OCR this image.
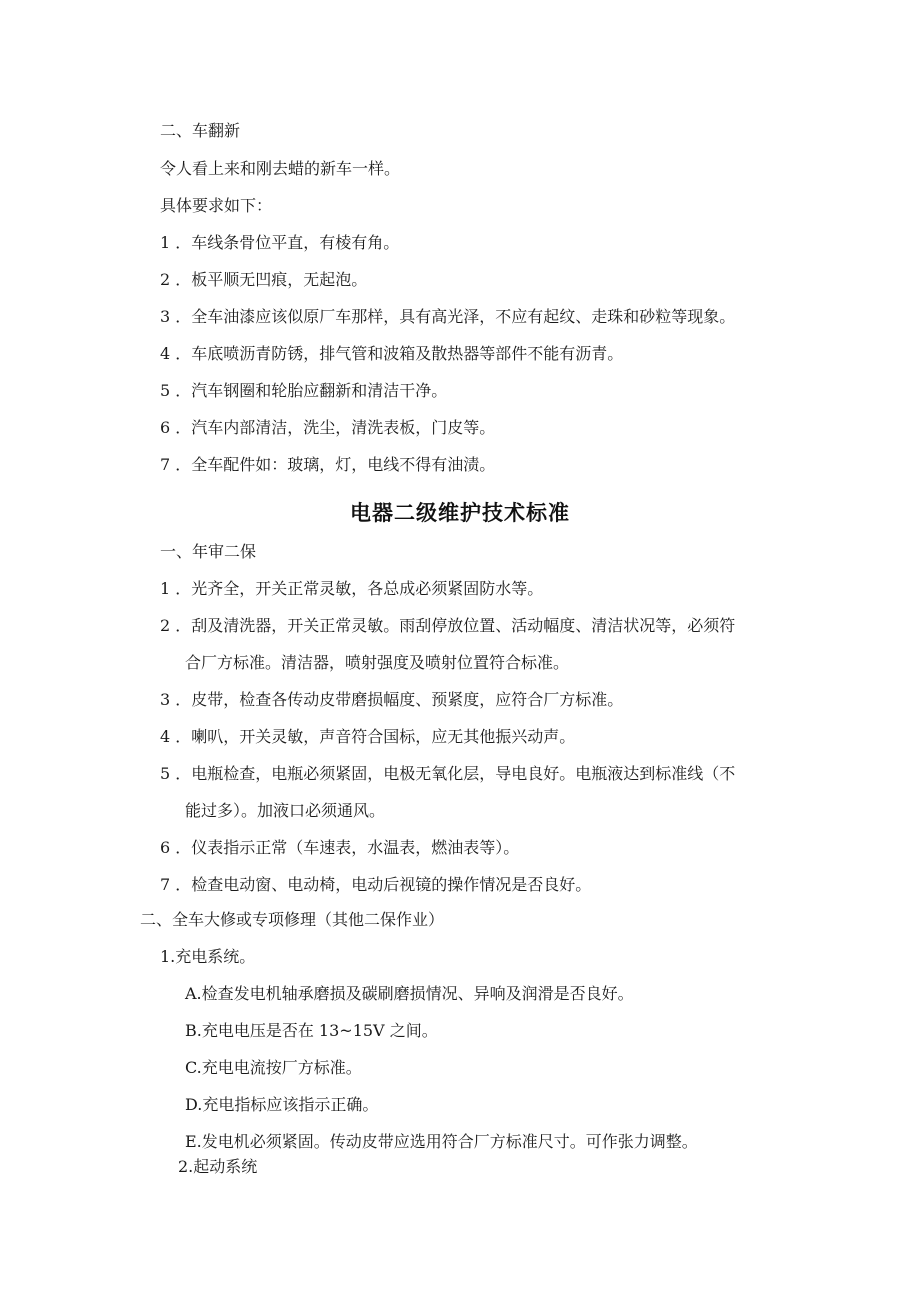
二、车翻新

令人看上来和刚去蜡的新车一样。

具体要求如下：

1 ．车线条骨位平直，有棱有角。

2 ．板平顺无凹痕，无起泡。

3 ．全车油漆应该似原厂车那样，具有高光泽，不应有起纹、走珠和砂粒等现象。

4 ．车底喷沥青防锈，排气管和波箱及散热器等部件不能有沥青。

5 ．汽车钢圈和轮胎应翻新和清洁干净。

6 ．汽车内部清洁，洗尘，清洗表板，门皮等。

7 ．全车配件如：玻璃，灯，电线不得有油渍。

电器二级维护技术标准

一、年审二保

1 ．光齐全，开关正常灵敏，各总成必须紧固防水等。

2 ．刮及清洗器，开关正常灵敏。雨刮停放位置、活动幅度、清洁状况等，必须符

合厂方标准。清洁器，喷射强度及喷射位置符合标准。

3 ．皮带，检查各传动皮带磨损幅度、预紧度，应符合厂方标准。

4 ．喇叭，开关灵敏，声音符合国标，应无其他振兴动声。

5 ．电瓶检查，电瓶必须紧固，电极无氧化层，导电良好。电瓶液达到标准线（不

能过多）。加液口必须通风。

6 ．仪表指示正常（车速表，水温表，燃油表等）。

7 ．检查电动窗、电动椅，电动后视镜的操作情况是否良好。

二、全车大修或专项修理（其他二保作业）

1.充电系统。

A.检查发电机轴承磨损及碳刷磨损情况、异响及润滑是否良好。

B.充电电压是否在 13~15V 之间。

C.充电电流按厂方标准。

D.充电指标应该指示正确。

E.发电机必须紧固。传动皮带应选用符合厂方标准尺寸。可作张力调整。

2.起动系统
